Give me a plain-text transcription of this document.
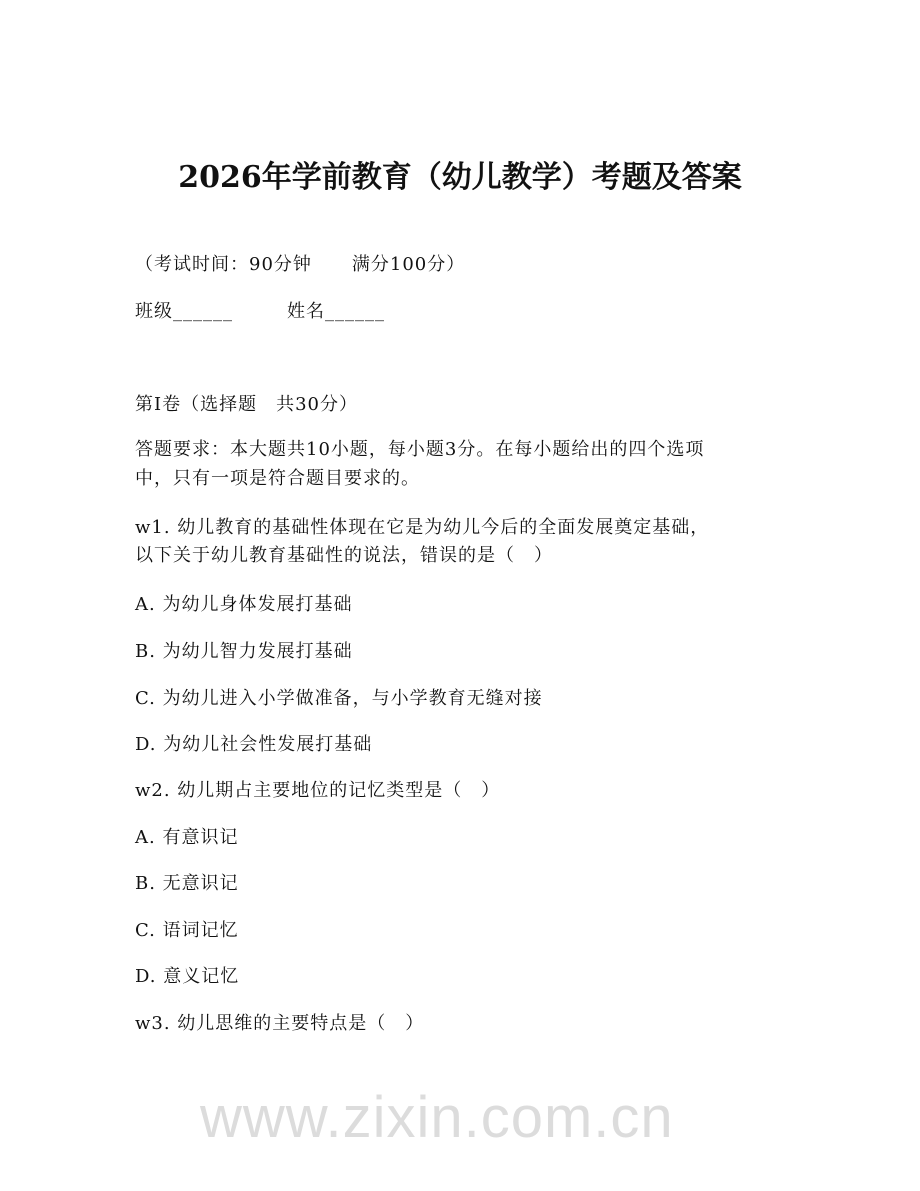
2026年学前教育（幼儿教学）考题及答案
（考试时间：90分钟 满分100分）
班级______	姓名______
第I卷（选择题　共30分）
答题要求：本大题共10小题，每小题3分。在每小题给出的四个选项
中，只有一项是符合题目要求的。
w1. 幼儿教育的基础性体现在它是为幼儿今后的全面发展奠定基础，
以下关于幼儿教育基础性的说法，错误的是（　）
A. 为幼儿身体发展打基础
B. 为幼儿智力发展打基础
C. 为幼儿进入小学做准备，与小学教育无缝对接
D. 为幼儿社会性发展打基础
w2. 幼儿期占主要地位的记忆类型是（　）
A. 有意识记
B. 无意识记
C. 语词记忆
D. 意义记忆
w3. 幼儿思维的主要特点是（　）
www.zixin.com.cn
